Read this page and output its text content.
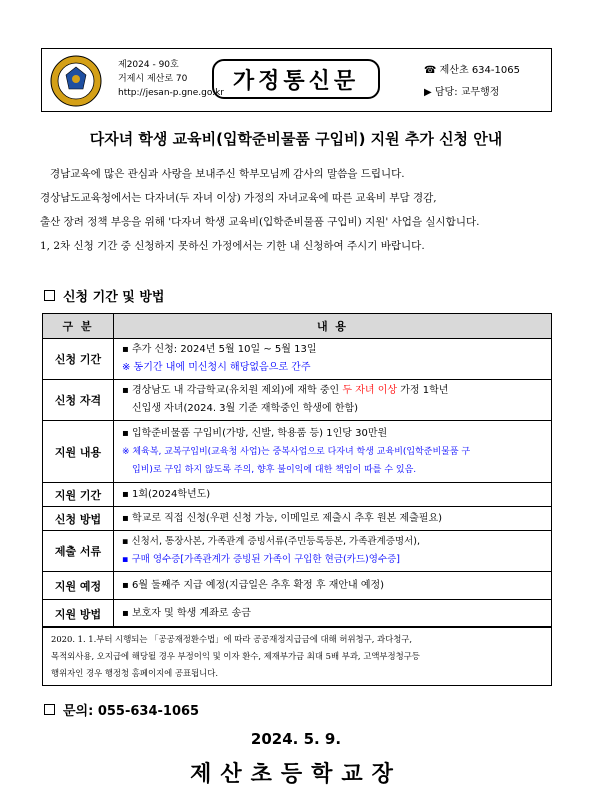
제2024 - 90호
거제시 제산로 70
http://jesan-p.gne.go.kr 가정통신문	☎ 제산초 634-1065
▶ 담당: 교무행정
다자녀 학생 교육비(입학준비물품 구입비) 지원 추가 신청 안내

경남교육에 많은 관심과 사랑을 보내주신 학부모님께 감사의 말씀을 드립니다.

경상남도교육청에서는 다자녀(두 자녀 이상) 가정의 자녀교육에 따른 교육비 부담 경감,

출산 장려 정책 부응을 위해 '다자녀 학생 교육비(입학준비물품 구입비) 지원' 사업을 실시합니다.

1, 2차 신청 기간 중 신청하지 못하신 가정에서는 기한 내 신청하여 주시기 바랍니다.

신청 기간 및 방법
구 분	내 용
신청 기간	▪ 추가 신청: 2024년 5월 10일 ~ 5월 13일
※ 동기간 내에 미신청시 해당없음으로 간주

신청 자격	▪ 경상남도 내 각급학교(유치원 제외)에 재학 중인 두 자녀 이상 가정 1학년
신입생 자녀(2024. 3월 기준 재학중인 학생에 한함)

지원 내용	▪ 입학준비물품 구입비(가방, 신발, 학용품 등) 1인당 30만원
※ 체육복, 교복구입비(교육청 사업)는 중복사업으로 다자녀 학생 교육비(입학준비물품 구
입비)로 구입 하지 않도록 주의, 향후 불이익에 대한 책임이 따를 수 있음.

지원 기간	▪ 1회(2024학년도)

신청 방법	▪ 학교로 직접 신청(우편 신청 가능, 이메일로 제출시 추후 원본 제출필요)

제출 서류	▪ 신청서, 통장사본, 가족관계 증빙서류(주민등록등본, 가족관계증명서),
▪ 구매 영수증[가족관계가 증빙된 가족이 구입한 현금(카드)영수증]

지원 예정	▪ 6월 둘째주 지급 예정(지급일은 추후 확정 후 재안내 예정)

지원 방법	▪ 보호자 및 학생 계좌로 송금
2020. 1. 1.부터 시행되는 「공공재정환수법」에 따라 공공재정지급금에 대해 허위청구, 과다청구,
목적외사용, 오지급에 해당될 경우 부정이익 및 이자 환수, 제재부가금 최대 5배 부과, 고액부정청구등
행위자인 경우 행정청 홈페이지에 공표됩니다.
문의: 055-634-1065
2024. 5. 9.
제산초등학교장
